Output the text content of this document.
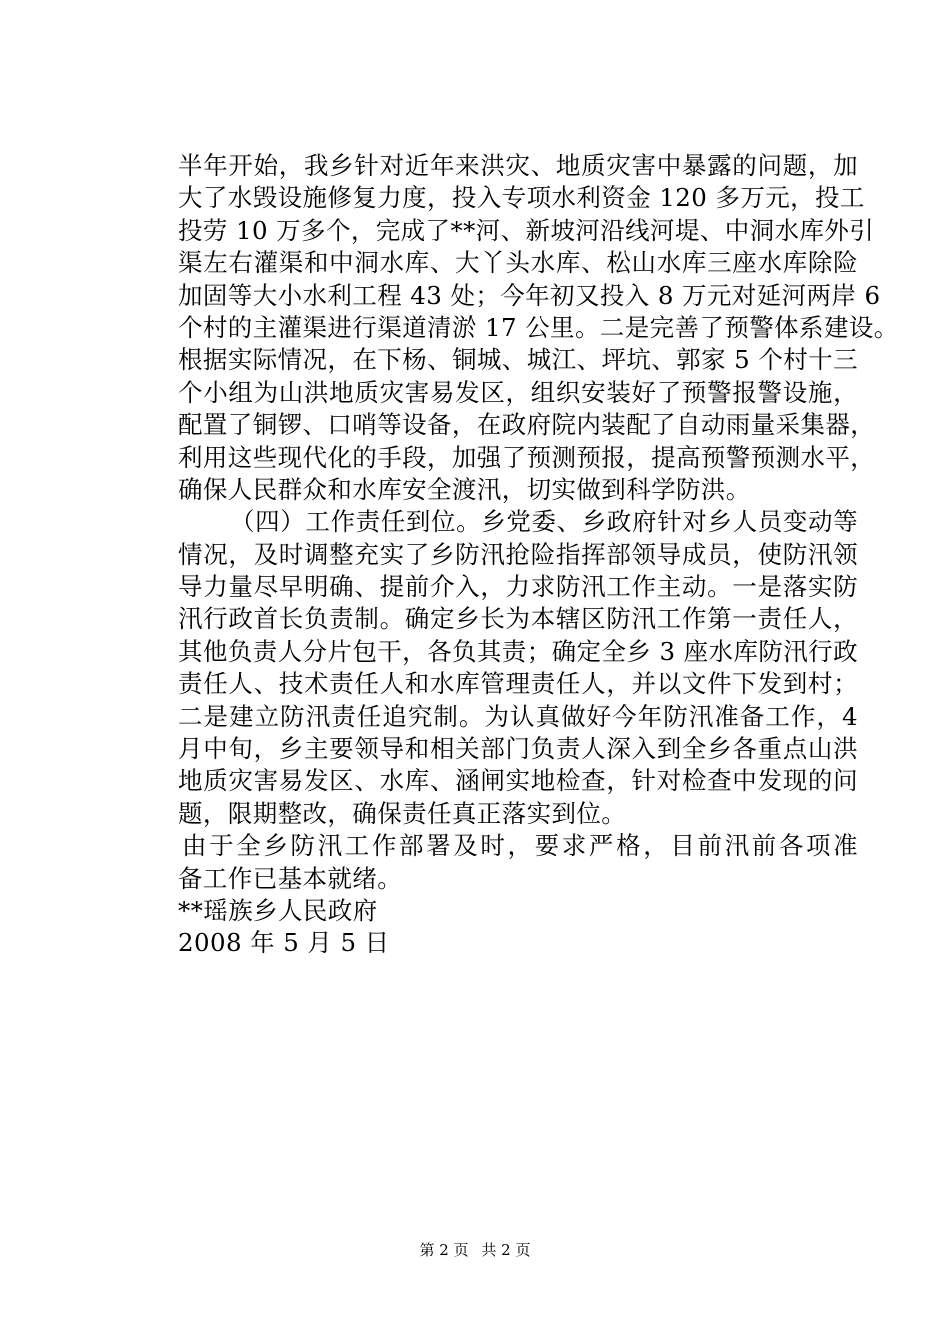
半年开始，我乡针对近年来洪灾、地质灾害中暴露的问题，加
大了水毁设施修复力度，投入专项水利资金 120 多万元，投工
投劳 10 万多个，完成了**河、新坡河沿线河堤、中洞水库外引
渠左右灌渠和中洞水库、大丫头水库、松山水库三座水库除险
加固等大小水利工程 43 处；今年初又投入 8 万元对延河两岸 6
个村的主灌渠进行渠道清淤 17 公里。二是完善了预警体系建设。
根据实际情况，在下杨、铜城、城江、坪坑、郭家 5 个村十三
个小组为山洪地质灾害易发区，组织安装好了预警报警设施，
配置了铜锣、口哨等设备，在政府院内装配了自动雨量采集器，
利用这些现代化的手段，加强了预测预报，提高预警预测水平，
确保人民群众和水库安全渡汛，切实做到科学防洪。
（四）工作责任到位。乡党委、乡政府针对乡人员变动等
情况，及时调整充实了乡防汛抢险指挥部领导成员，使防汛领
导力量尽早明确、提前介入，力求防汛工作主动。一是落实防
汛行政首长负责制。确定乡长为本辖区防汛工作第一责任人，
其他负责人分片包干，各负其责；确定全乡 3 座水库防汛行政
责任人、技术责任人和水库管理责任人，并以文件下发到村；
二是建立防汛责任追究制。为认真做好今年防汛准备工作，4
月中旬，乡主要领导和相关部门负责人深入到全乡各重点山洪
地质灾害易发区、水库、涵闸实地检查，针对检查中发现的问
题，限期整改，确保责任真正落实到位。
由于全乡防汛工作部署及时，要求严格，目前汛前各项准
备工作已基本就绪。
**瑶族乡人民政府
2008 年 5 月 5 日
第 2 页 共 2 页
